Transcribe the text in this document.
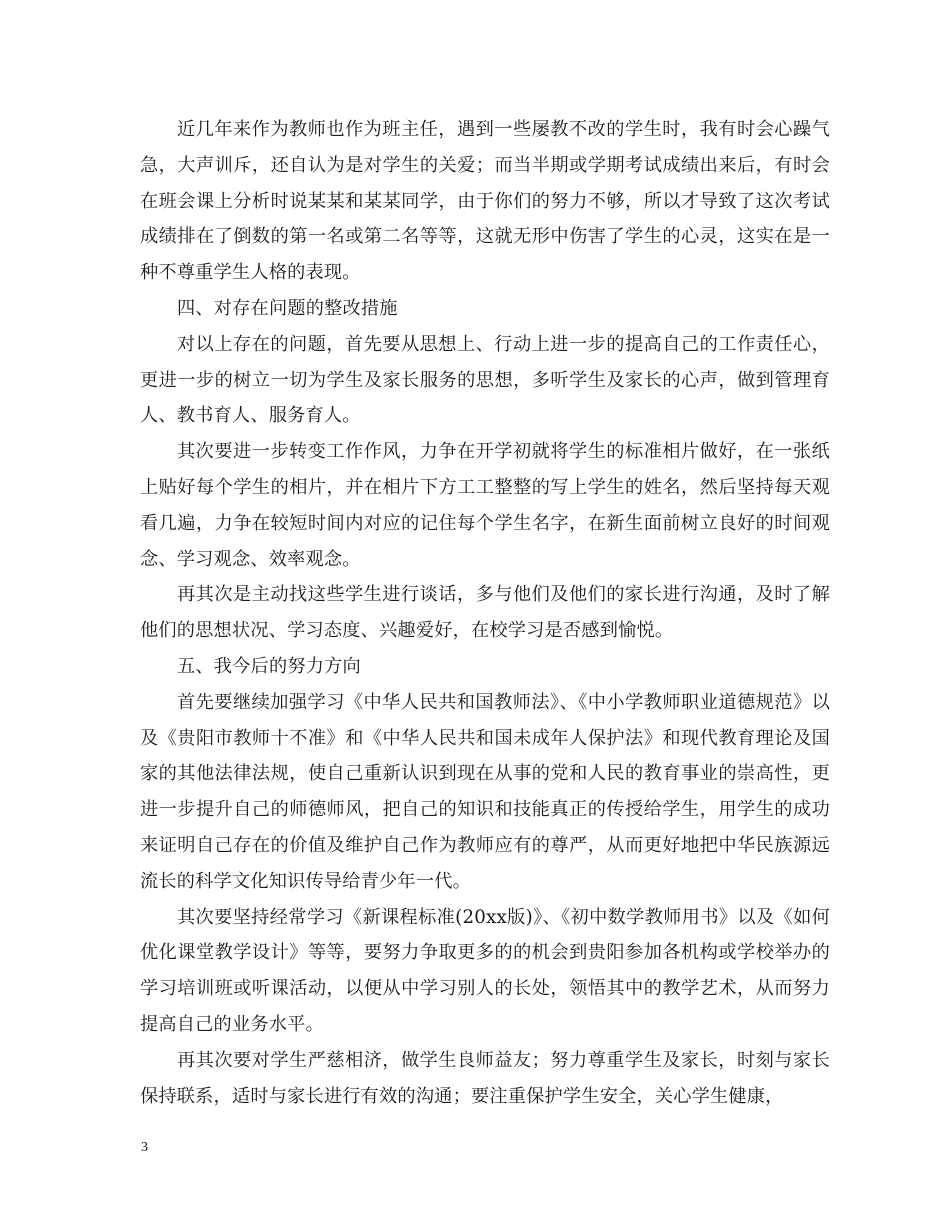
近几年来作为教师也作为班主任，遇到一些屡教不改的学生时，我有时会心躁气急，大声训斥，还自认为是对学生的关爱；而当半期或学期考试成绩出来后，有时会在班会课上分析时说某某和某某同学，由于你们的努力不够，所以才导致了这次考试成绩排在了倒数的第一名或第二名等等，这就无形中伤害了学生的心灵，这实在是一种不尊重学生人格的表现。

四、对存在问题的整改措施

对以上存在的问题，首先要从思想上、行动上进一步的提高自己的工作责任心，更进一步的树立一切为学生及家长服务的思想，多听学生及家长的心声，做到管理育人、教书育人、服务育人。

其次要进一步转变工作作风，力争在开学初就将学生的标准相片做好，在一张纸上贴好每个学生的相片，并在相片下方工工整整的写上学生的姓名，然后坚持每天观看几遍，力争在较短时间内对应的记住每个学生名字，在新生面前树立良好的时间观念、学习观念、效率观念。

再其次是主动找这些学生进行谈话，多与他们及他们的家长进行沟通，及时了解他们的思想状况、学习态度、兴趣爱好，在校学习是否感到愉悦。

五、我今后的努力方向

首先要继续加强学习《中华人民共和国教师法》、《中小学教师职业道德规范》以及《贵阳市教师十不准》和《中华人民共和国未成年人保护法》和现代教育理论及国家的其他法律法规，使自己重新认识到现在从事的党和人民的教育事业的崇高性，更进一步提升自己的师德师风，把自己的知识和技能真正的传授给学生，用学生的成功来证明自己存在的价值及维护自己作为教师应有的尊严，从而更好地把中华民族源远流长的科学文化知识传导给青少年一代。

其次要坚持经常学习《新课程标准(20xx版)》、《初中数学教师用书》以及《如何优化课堂教学设计》等等，要努力争取更多的的机会到贵阳参加各机构或学校举办的学习培训班或听课活动，以便从中学习别人的长处，领悟其中的教学艺术，从而努力提高自己的业务水平。

再其次要对学生严慈相济，做学生良师益友；努力尊重学生及家长，时刻与家长保持联系，适时与家长进行有效的沟通；要注重保护学生安全，关心学生健康，

3
